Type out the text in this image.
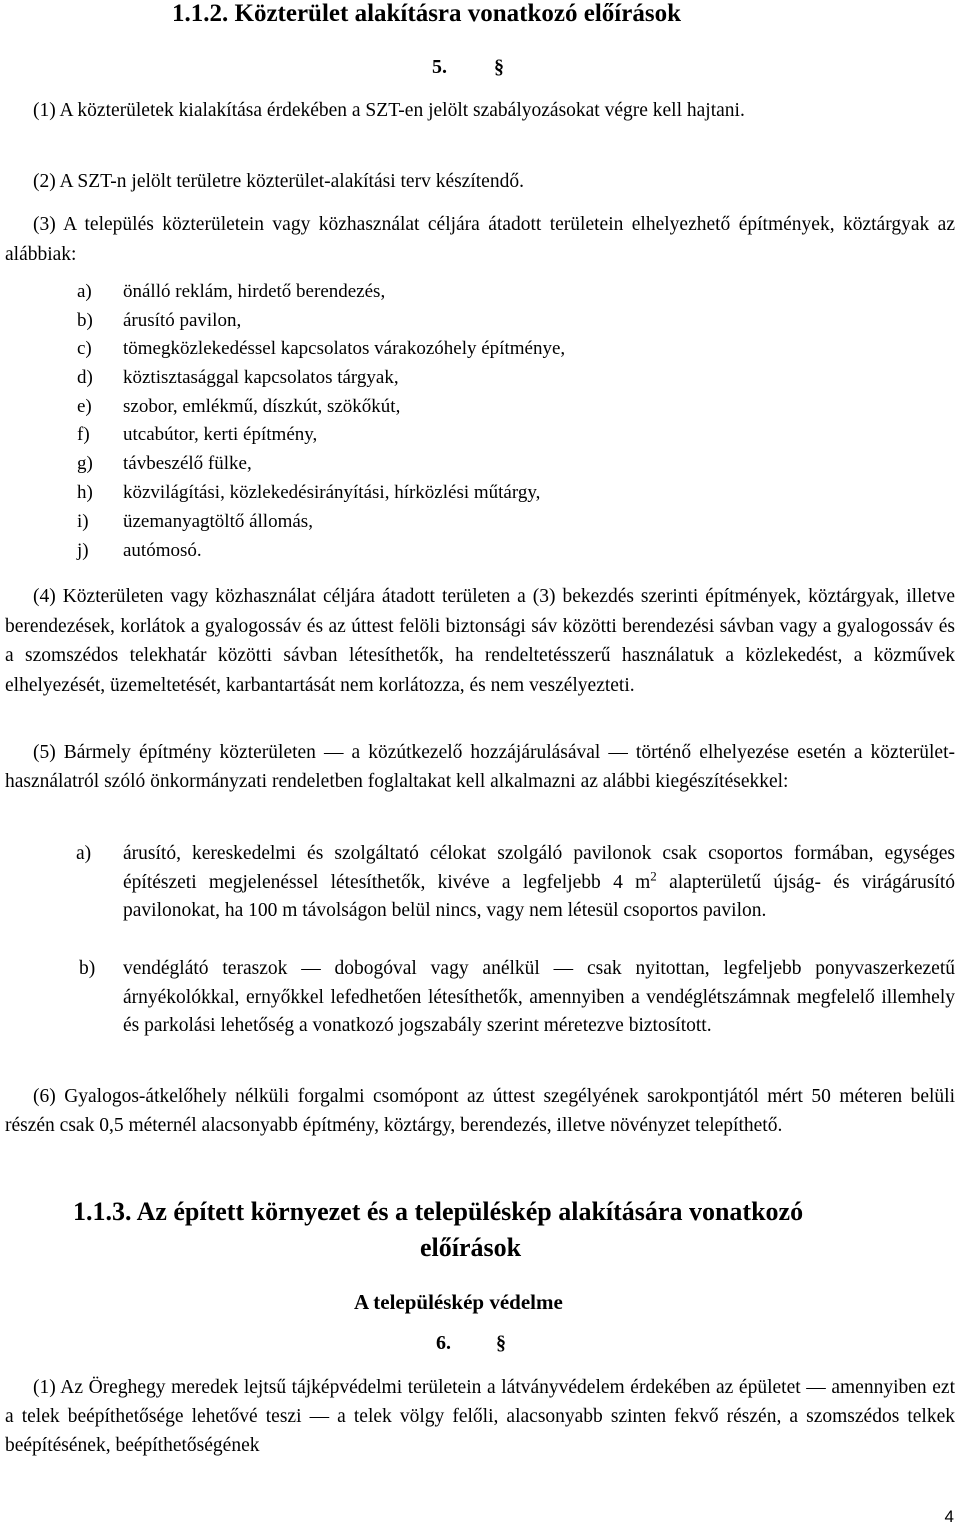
1.1.2. Közterület alakításra vonatkozó előírások
5. §

(1) A közterületek kialakítása érdekében a SZT-en jelölt szabályozásokat végre kell hajtani.

(2) A SZT-n jelölt területre közterület-alakítási terv készítendő.

(3) A település közterületein vagy közhasználat céljára átadott területein elhelyezhető építmények, köztárgyak az alábbiak:

a) önálló reklám, hirdető berendezés,
b) árusító pavilon,
c) tömegközlekedéssel kapcsolatos várakozóhely építménye,
d) köztisztasággal kapcsolatos tárgyak,
e) szobor, emlékmű, díszkút, szökőkút,
f) utcabútor, kerti építmény,
g) távbeszélő fülke,
h) közvilágítási, közlekedésirányítási, hírközlési műtárgy,
i) üzemanyagtöltő állomás,
j) autómosó.

(4) Közterületen vagy közhasználat céljára átadott területen a (3) bekezdés szerinti építmények, köztárgyak, illetve berendezések, korlátok a gyalogossáv és az úttest felöli biztonsági sáv közötti berendezési sávban vagy a gyalogossáv és a szomszédos telekhatár közötti sávban létesíthetők, ha rendeltetésszerű használatuk a közlekedést, a közművek elhelyezését, üzemeltetését, karbantartását nem korlátozza, és nem veszélyezteti.

(5) Bármely építmény közterületen — a közútkezelő hozzájárulásával — történő elhelyezése esetén a közterület-használatról szóló önkormányzati rendeletben foglaltakat kell alkalmazni az alábbi kiegészítésekkel:

a) árusító, kereskedelmi és szolgáltató célokat szolgáló pavilonok csak csoportos formában, egységes építészeti megjelenéssel létesíthetők, kivéve a legfeljebb 4 $m^2$ alapterületű újság- és virágárusító pavilonokat, ha 100 m távolságon belül nincs, vagy nem létesül csoportos pavilon.
b) vendéglátó teraszok — dobogóval vagy anélkül — csak nyitottan, legfeljebb ponyvaszerkezetű árnyékolókkal, ernyőkkel lefedhetően létesíthetők, amennyiben a vendéglétszámnak megfelelő illemhely és parkolási lehetőség a vonatkozó jogszabály szerint méretezve biztosított.

(6) Gyalogos-átkelőhely nélküli forgalmi csomópont az úttest szegélyének sarokpontjától mért 50 méteren belüli részén csak 0,5 méternél alacsonyabb építmény, köztárgy, berendezés, illetve növényzet telepíthető.

1.1.3. Az épített környezet és a településkép alakítására vonatkozó
előírások
A településkép védelme
6. §

(1) Az Öreghegy meredek lejtsű tájképvédelmi területein a látványvédelem érdekében az épületet — amennyiben ezt a telek beépíthetősége lehetővé teszi — a telek völgy felőli, alacsonyabb szinten fekvő részén, a szomszédos telkek beépítésének, beépíthetőségének

4
